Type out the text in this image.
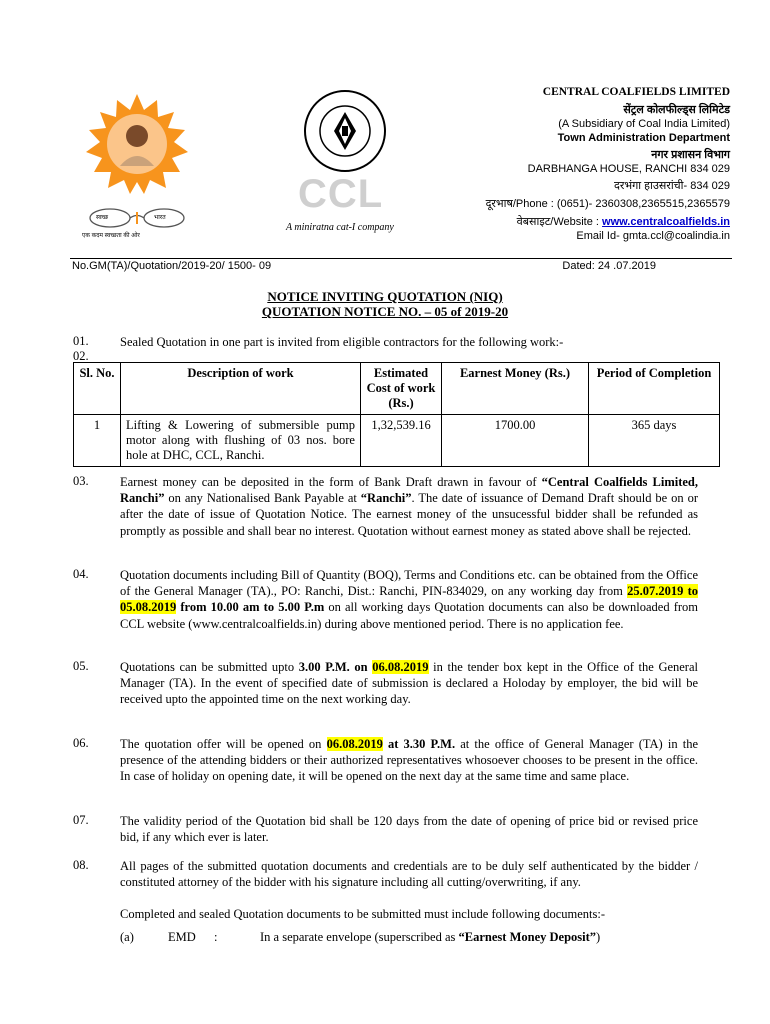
स्वच्छ	भारत
एक कदम स्वच्छता की ओर
CCL
A miniratna cat-I company
CENTRAL COALFIELDS LIMITED
सेंट्रल कोलफील्ड्स लिमिटेड
(A Subsidiary of Coal India Limited)
Town Administration Department
नगर प्रशासन विभाग
DARBHANGA HOUSE, RANCHI 834 029
दरभंगा हाउसरांची- 834 029
दूरभाष/Phone : (0651)- 2360308,2365515,2365579
वेबसाइट/Website : www.centralcoalfields.in
Email Id- gmta.ccl@coalindia.in
No.GM(TA)/Quotation/2019-20/ 1500- 09	Dated: 24 .07.2019
NOTICE INVITING QUOTATION (NIQ)
QUOTATION NOTICE NO. – 05 of 2019-20
01.
02.
Sealed Quotation in one part is invited from eligible contractors for the following work:-
Sl. No.	Description of work	Estimated Cost of work (Rs.)	Earnest Money (Rs.)	Period of Completion
1	Lifting & Lowering of submersible pump motor along with flushing of 03 nos. bore hole at DHC, CCL, Ranchi.	1,32,539.16	1700.00	365 days
03.	Earnest money can be deposited in the form of Bank Draft drawn in favour of “Central Coalfields Limited, Ranchi” on any Nationalised Bank Payable at “Ranchi”. The date of issuance of Demand Draft should be on or after the date of issue of Quotation Notice. The earnest money of the unsucessful bidder shall be refunded as promptly as possible and shall bear no interest. Quotation without earnest money as stated above shall be rejected.
04.	Quotation documents including Bill of Quantity (BOQ), Terms and Conditions etc. can be obtained from the Office of the General Manager (TA)., PO: Ranchi, Dist.: Ranchi, PIN-834029, on any working day from 25.07.2019 to 05.08.2019 from 10.00 am to 5.00 P.m on all working days Quotation documents can also be downloaded from CCL website (www.centralcoalfields.in) during above mentioned period. There is no application fee.
05.	Quotations can be submitted upto 3.00 P.M. on 06.08.2019 in the tender box kept in the Office of the General Manager (TA). In the event of specified date of submission is declared a Holoday by employer, the bid will be received upto the appointed time on the next working day.
06.	The quotation offer will be opened on 06.08.2019 at 3.30 P.M. at the office of General Manager (TA) in the presence of the attending bidders or their authorized representatives whosoever chooses to be present in the office. In case of holiday on opening date, it will be opened on the next day at the same time and same place.
07.	The validity period of the Quotation bid shall be 120 days from the date of opening of price bid or revised price bid, if any which ever is later.
08.	All pages of the submitted quotation documents and credentials are to be duly self authenticated by the bidder / constituted attorney of the bidder with his signature including all cutting/overwriting, if any.
Completed and sealed Quotation documents to be submitted must include following documents:-
(a)	EMD :	In a separate envelope (superscribed as “Earnest Money Deposit”)
